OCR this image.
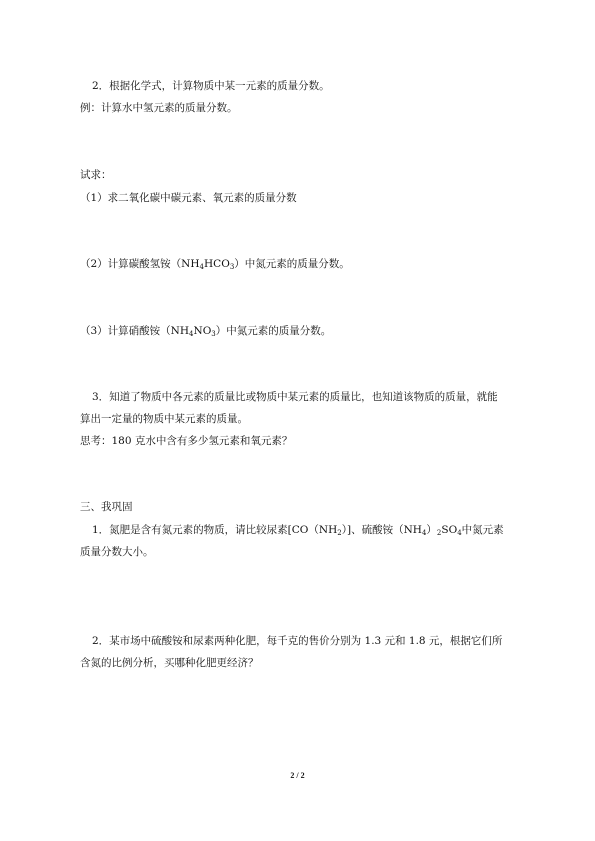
2．根据化学式，计算物质中某一元素的质量分数。
例：计算水中氢元素的质量分数。
试求：
（1）求二氧化碳中碳元素、氧元素的质量分数
（2）计算碳酸氢铵$(NH_4HCO_3)$中氮元素的质量分数。
（3）计算硝酸铵$(NH_4NO_3)$中氮元素的质量分数。
3．知道了物质中各元素的质量比或物质中某元素的质量比，也知道该物质的质量，就能
算出一定量的物质中某元素的质量。
思考：180 克水中含有多少氢元素和氧元素？
三、我巩固
1．氮肥是含有氮元素的物质，请比较尿素$[CO(NH_2)]$、硫酸铵$(NH_4)_2SO_4$中氮元素
质量分数大小。
2．某市场中硫酸铵和尿素两种化肥，每千克的售价分别为 1.3 元和 1.8 元，根据它们所
含氮的比例分析，买哪种化肥更经济？
2 / 2
